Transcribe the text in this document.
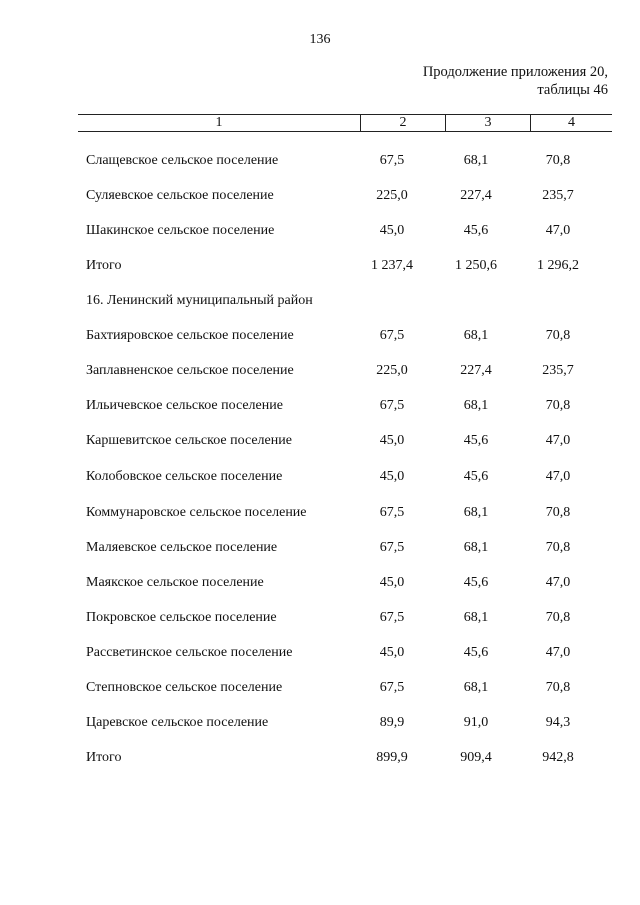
136
Продолжение приложения 20,
таблицы 46
1	2	3	4
Слащевское сельское поселение	67,5	68,1	70,8
Суляевское сельское поселение	225,0	227,4	235,7
Шакинское сельское поселение	45,0	45,6	47,0
Итого	1 237,4	1 250,6	1 296,2
16. Ленинский муниципальный район
Бахтияровское сельское поселение	67,5	68,1	70,8
Заплавненское сельское поселение	225,0	227,4	235,7
Ильичевское сельское поселение	67,5	68,1	70,8
Каршевитское сельское поселение	45,0	45,6	47,0
Колобовское сельское поселение	45,0	45,6	47,0
Коммунаровское сельское поселение	67,5	68,1	70,8
Маляевское сельское поселение	67,5	68,1	70,8
Маякское сельское поселение	45,0	45,6	47,0
Покровское сельское поселение	67,5	68,1	70,8
Рассветинское сельское поселение	45,0	45,6	47,0
Степновское сельское поселение	67,5	68,1	70,8
Царевское сельское поселение	89,9	91,0	94,3
Итого	899,9	909,4	942,8
